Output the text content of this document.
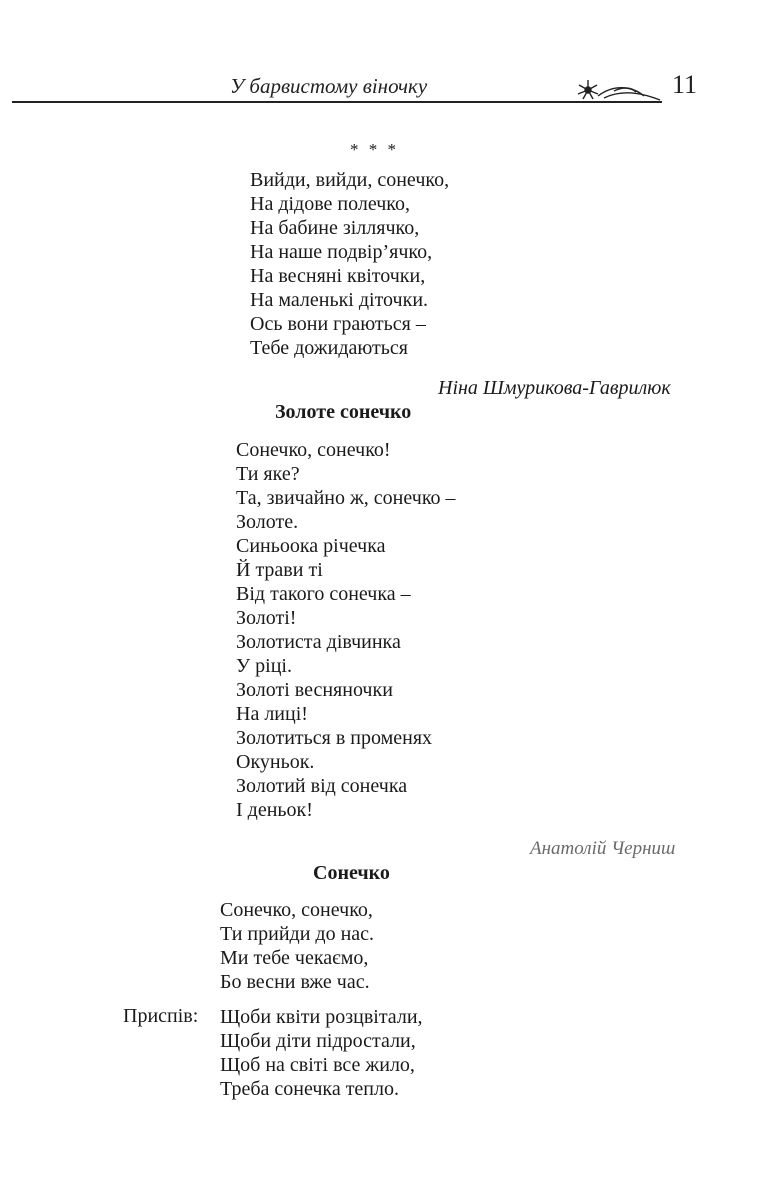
У барвистому віночку	11
* * *
Вийди, вийди, сонечко,
На дідове полечко,
На бабине зіллячко,
На наше подвір’ячко,
На весняні квіточки,
На маленькі діточки.
Ось вони граються –
Тебе дожидаються
Ніна Шмурикова-Гаврилюк
Золоте сонечко
Сонечко, сонечко!
Ти яке?
Та, звичайно ж, сонечко –
Золоте.
Синьоока річечка
Й трави ті
Від такого сонечка –
Золоті!
Золотиста дівчинка
У ріці.
Золоті весняночки
На лиці!
Золотиться в променях
Окуньок.
Золотий від сонечка
І деньок!
Анатолій Черниш
Сонечко
Сонечко, сонечко,
Ти прийди до нас.
Ми тебе чекаємо,
Бо весни вже час.
Приспів: Щоби квіти розцвітали,
Щоби діти підростали,
Щоб на світі все жило,
Треба сонечка тепло.
